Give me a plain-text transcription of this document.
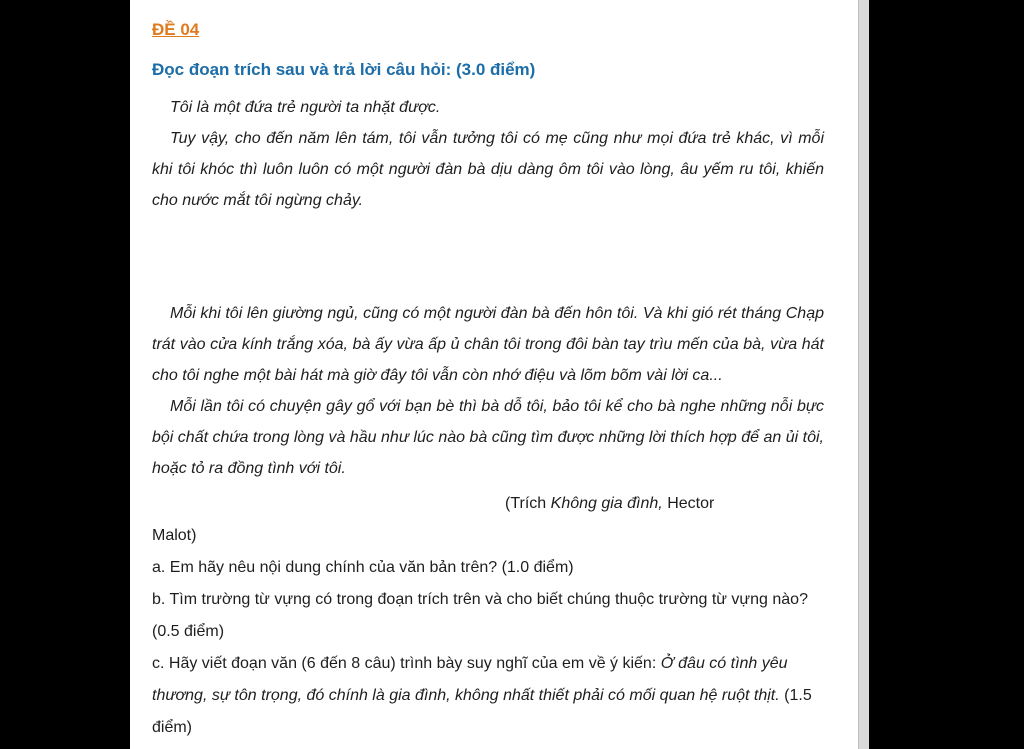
ĐỀ 04
Đọc đoạn trích sau và trả lời câu hỏi: (3.0 điểm)

Tôi là một đứa trẻ người ta nhặt được.

Tuy vậy, cho đến năm lên tám, tôi vẫn tưởng tôi có mẹ cũng như mọi đứa trẻ khác, vì mỗi khi tôi khóc thì luôn luôn có một người đàn bà dịu dàng ôm tôi vào lòng, âu yếm ru tôi, khiến cho nước mắt tôi ngừng chảy.

Mỗi khi tôi lên giường ngủ, cũng có một người đàn bà đến hôn tôi. Và khi gió rét tháng Chạp trát vào cửa kính trắng xóa, bà ấy vừa ấp ủ chân tôi trong đôi bàn tay trìu mến của bà, vừa hát cho tôi nghe một bài hát mà giờ đây tôi vẫn còn nhớ điệu và lõm bõm vài lời ca...

Mỗi lần tôi có chuyện gây gổ với bạn bè thì bà dỗ tôi, bảo tôi kể cho bà nghe những nỗi bực bội chất chứa trong lòng và hầu như lúc nào bà cũng tìm được những lời thích hợp để an ủi tôi, hoặc tỏ ra đồng tình với tôi.

(Trích Không gia đình, Hector

Malot)

a. Em hãy nêu nội dung chính của văn bản trên? (1.0 điểm)

b. Tìm trường từ vựng có trong đoạn trích trên và cho biết chúng thuộc trường từ vựng nào? (0.5 điểm)

c. Hãy viết đoạn văn (6 đến 8 câu) trình bày suy nghĩ của em về ý kiến: Ở đâu có tình yêu thương, sự tôn trọng, đó chính là gia đình, không nhất thiết phải có mối quan hệ ruột thịt. (1.5 điểm)
